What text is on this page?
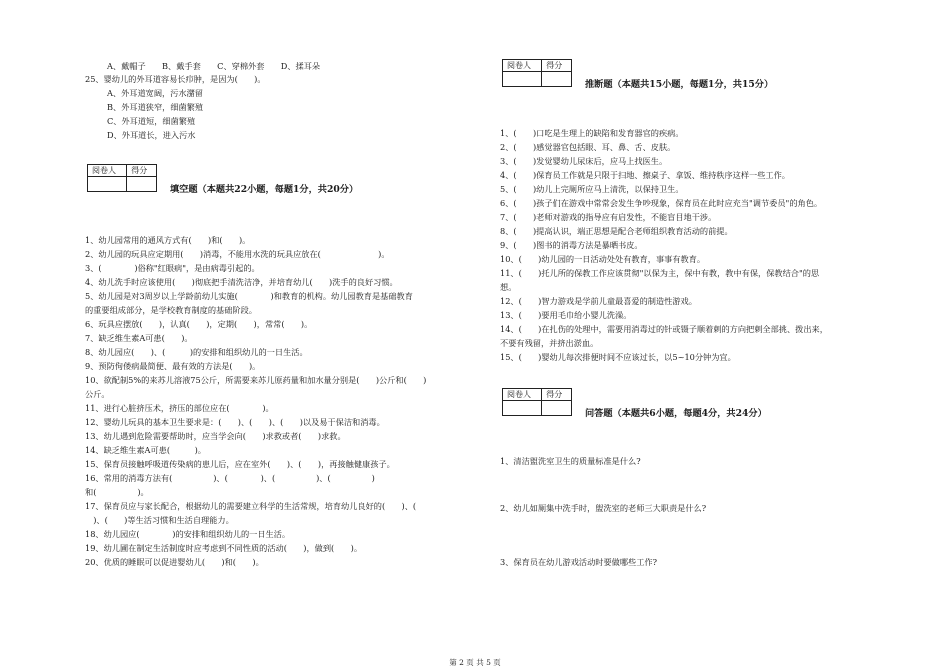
A、戴帽子　　B、戴手套　　C、穿棉外套　　D、揉耳朵
25、婴幼儿的外耳道容易长疖肿，是因为(　　)。
A、外耳道宽阔，污水潴留
B、外耳道狭窄，细菌繁殖
C、外耳道短，细菌繁殖
D、外耳道长，进入污水
阅卷人	得分

填空题（本题共22小题，每题1分，共20分）
1、幼儿园常用的通风方式有(　　)和(　　)。
2、幼儿园的玩具应定期用(　　)消毒，不能用水洗的玩具应放在(　　　　　　　)。
3、(　　　　)俗称"红眼病"，是由病毒引起的。
4、幼儿洗手时应该使用(　　)彻底把手清洗洁净，并培育幼儿(　　)洗手的良好习惯。
5、幼儿园是对3周岁以上学龄前幼儿实施(　　　　)和教育的机构。幼儿园教育是基础教育
的重要组成部分，是学校教育制度的基础阶段。
6、玩具应摆放(　　)，认真(　　)，定期(　　)，常常(　　)。
7、缺乏维生素A可患(　　)。
8、幼儿园应(　　)、(　　　)的安排和组织幼儿的一日生活。
9、预防佝偻病最简便、最有效的方法是(　　)。
10、欲配制5%的来苏儿溶液75公斤，所需要来苏儿原药量和加水量分别是(　　)公斤和(　　)
公斤。
11、进行心脏挤压术，挤压的部位应在(　　　　)。
12、婴幼儿玩具的基本卫生要求是：(　　)、(　　)、(　　)以及易于保洁和消毒。
13、幼儿遇到危险需要帮助时，应当学会向(　　)求救或者(　　)求救。
14、缺乏维生素A可患(　　　)。
15、保育员接触呼吸道传染病的患儿后，应在室外(　　)、(　　)，再接触健康孩子。
16、常用的消毒方法有(　　　　　)、(　　　　)、(　　　　　)、(　　　　　)
和(　　　　　)。
17、保育员应与家长配合，根据幼儿的需要建立科学的生活常规，培育幼儿良好的(　　)、(
　)、(　　)等生活习惯和生活自理能力。
18、幼儿园应(　　　　)的安排和组织幼儿的一日生活。
19、幼儿圃在制定生活制度时应考虑到不同性质的活动(　　)，做到(　　)。
20、优质的睡眠可以促进婴幼儿(　　)和(　　)。
阅卷人	得分

推断题（本题共15小题，每题1分，共15分）
1、(　　)口吃是生理上的缺陷和发育器官的疾病。
2、(　　)感觉器官包括眼、耳、鼻、舌、皮肤。
3、(　　)发觉婴幼儿尿床后，应马上找医生。
4、(　　)保育员工作就是只限于扫地、擦桌子、拿饭、维持秩序这样一些工作。
5、(　　)幼儿上完厕所应马上清洗，以保持卫生。
6、(　　)孩子们在游戏中常常会发生争吵现象，保育员在此时应充当"调节委员"的角色。
7、(　　)老师对游戏的指导应有启发性，不能盲目地干涉。
8、(　　)提高认识，端正思想是配合老师组织教育活动的前提。
9、(　　)图书的消毒方法是暴晒书皮。
10、(　　)幼儿园的一日活动处处有教育，事事有教育。
11、(　　)托儿所的保教工作应该贯彻"以保为主，保中有教，教中有保，保教结合"的思
想。
12、(　　)智力游戏是学前儿童最喜爱的制造性游戏。
13、(　　)要用毛巾给小婴儿洗澡。
14、(　　)在扎伤的处理中，需要用消毒过的针或镊子顺着刺的方向把刺全部挑、拨出来，
不要有残留，并挤出淤血。
15、(　　)婴幼儿每次排便时间不应该过长，以5~10分钟为宜。
阅卷人	得分

问答题（本题共6小题，每题4分，共24分）
1、清洁盥洗室卫生的质量标准是什么?
2、幼儿如厕集中洗手时，盥洗室的老师三大职责是什么?
3、保育员在幼儿游戏活动时要做哪些工作?
第 2 页 共 5 页
